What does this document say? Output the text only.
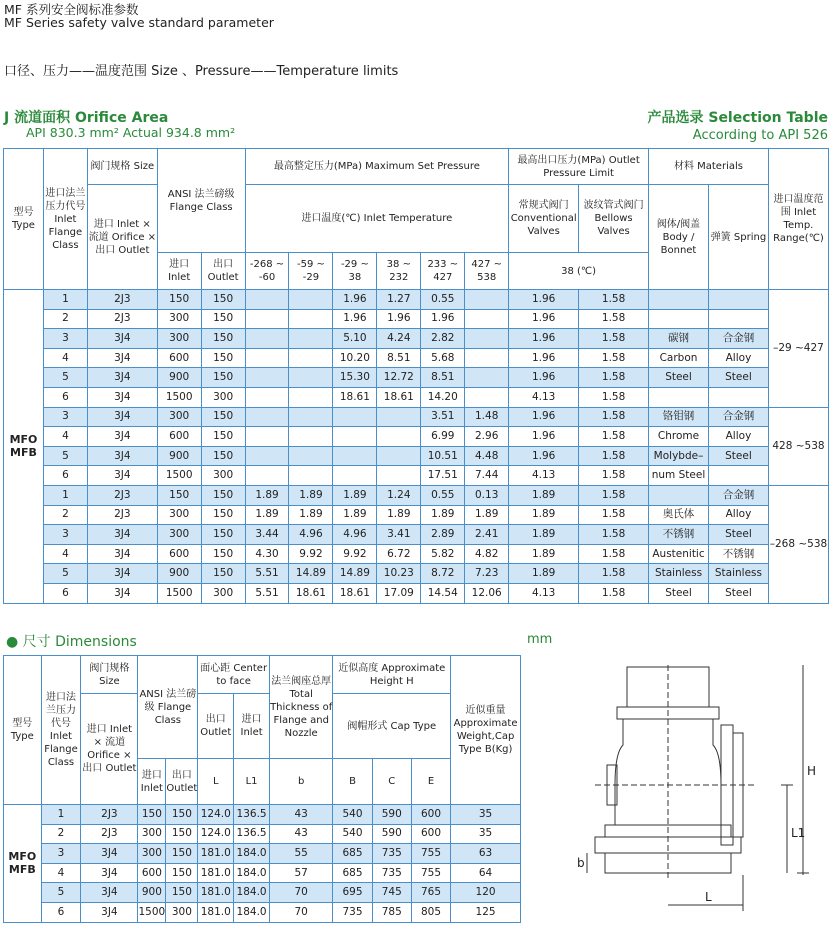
MF 系列安全阀标准参数
MF Series safety valve standard parameter
口径、压力——温度范围 Size 、Pressure——Temperature limits
J 流道面积 Orifice Area
API 830.3 mm² Actual 934.8 mm²
产品选录 Selection Table
According to API 526
型号 Type	进口法兰压力代号 Inlet Flange Class	阀门规格 Size	ANSI 法兰磅级 Flange Class		最高整定压力(MPa) Maximum Set Pressure						最高出口压力(MPa) Outlet Pressure Limit		材料 Materials		进口温度范围 Inlet Temp. Range(℃)
		进口 Inlet × 流道 Orifice × 出口 Outlet			进口温度(℃) Inlet Temperature						常规式阀门 Conventional Valves	波纹管式阀门 Bellows Valves	阀体/阀盖 Body / Bonnet	弹簧 Spring	
			进口 Inlet	出口 Outlet	-268 ~ -60	-59 ~ -29	-29 ~ 38	38 ~ 232	233 ~ 427	427 ~ 538	38 (℃)				

MFO MFB	1	2J3	150	150			1.96	1.27	0.55		1.96	1.58			–29 ~427
	2	2J3	300	150			1.96	1.96	1.96		1.96	1.58			
	3	3J4	300	150			5.10	4.24	2.82		1.96	1.58	碳钢	合金钢	
	4	3J4	600	150			10.20	8.51	5.68		1.96	1.58	Carbon	Alloy	
	5	3J4	900	150			15.30	12.72	8.51		1.96	1.58	Steel	Steel	
	6	3J4	1500	300			18.61	18.61	14.20		4.13	1.58			
	3	3J4	300	150					3.51	1.48	1.96	1.58	铬钼钢	合金钢	428 ~538
	4	3J4	600	150					6.99	2.96	1.96	1.58	Chrome	Alloy	
	5	3J4	900	150					10.51	4.48	1.96	1.58	Molybde–	Steel	
	6	3J4	1500	300					17.51	7.44	4.13	1.58	num Steel		
	1	2J3	150	150	1.89	1.89	1.89	1.24	0.55	0.13	1.89	1.58		合金钢	–268 ~538
	2	2J3	300	150	1.89	1.89	1.89	1.89	1.89	1.89	1.89	1.58	奥氏体	Alloy	
	3	3J4	300	150	3.44	4.96	4.96	3.41	2.89	2.41	1.89	1.58	不锈钢	Steel	
	4	3J4	600	150	4.30	9.92	9.92	6.72	5.82	4.82	1.89	1.58	Austenitic	不锈钢	
	5	3J4	900	150	5.51	14.89	14.89	10.23	8.72	7.23	1.89	1.58	Stainless	Stainless	
	6	3J4	1500	300	5.51	18.61	18.61	17.09	14.54	12.06	4.13	1.58	Steel	Steel	
● 尺寸 Dimensions	mm
型号 Type	进口法兰压力代号 Inlet Flange Class	阀门规格 Size	ANSI 法兰磅级 Flange Class		面心距 Center to face		法兰阀座总厚 Total Thickness of Flange and Nozzle	近似高度 Approximate Height H			近似重量 Approximate Weight,Cap Type B(Kg)
		进口 Inlet × 流道 Orifice × 出口 Outlet			出口 Outlet	进口 Inlet		阀帽形式 Cap Type			
			进口 Inlet	出口 Outlet	L	L1	b	B	C	E	
MFO MFB	1	2J3	150	150	124.0	136.5	43	540	590	600	35
	2	2J3	300	150	124.0	136.5	43	540	590	600	35
	3	3J4	300	150	181.0	184.0	55	685	735	755	63
	4	3J4	600	150	181.0	184.0	57	685	735	755	64
	5	3J4	900	150	181.0	184.0	70	695	745	765	120
	6	3J4	1500	300	181.0	184.0	70	735	785	805	125
H
L1
b
L
